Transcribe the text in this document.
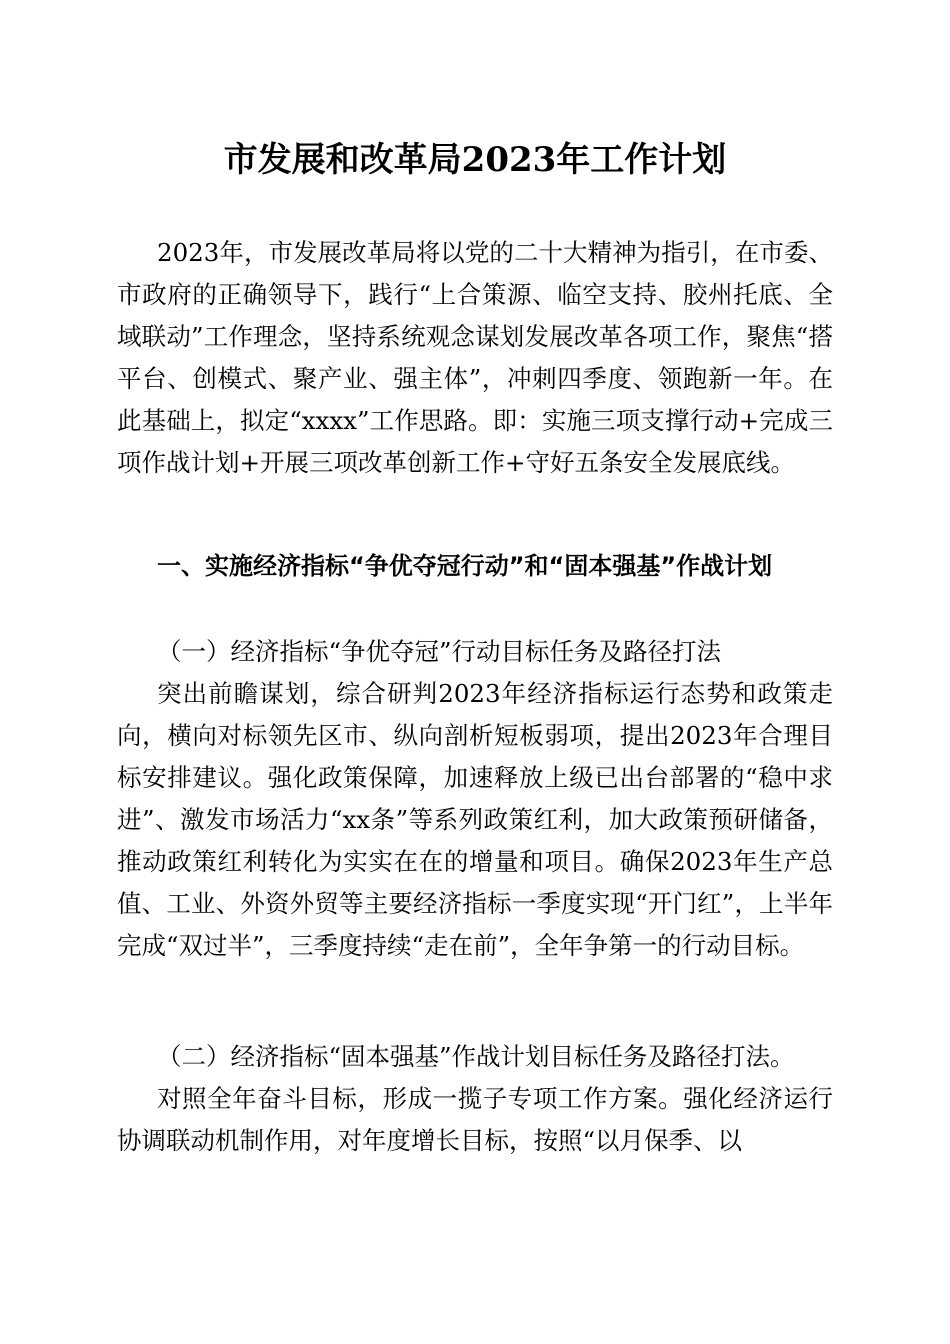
市发展和改革局2023年工作计划

2023年，市发展改革局将以党的二十大精神为指引，在市委、市政府的正确领导下，践行“上合策源、临空支持、胶州托底、全域联动”工作理念，坚持系统观念谋划发展改革各项工作，聚焦“搭平台、创模式、聚产业、强主体”，冲刺四季度、领跑新一年。在此基础上，拟定“xxxx”工作思路。即：实施三项支撑行动+完成三项作战计划+开展三项改革创新工作+守好五条安全发展底线。

一、实施经济指标“争优夺冠行动”和“固本强基”作战计划

（一）经济指标“争优夺冠”行动目标任务及路径打法

突出前瞻谋划，综合研判2023年经济指标运行态势和政策走向，横向对标领先区市、纵向剖析短板弱项，提出2023年合理目标安排建议。强化政策保障，加速释放上级已出台部署的“稳中求进”、激发市场活力“xx条”等系列政策红利，加大政策预研储备，推动政策红利转化为实实在在的增量和项目。确保2023年生产总值、工业、外资外贸等主要经济指标一季度实现“开门红”，上半年完成“双过半”，三季度持续“走在前”，全年争第一的行动目标。

（二）经济指标“固本强基”作战计划目标任务及路径打法。

对照全年奋斗目标，形成一揽子专项工作方案。强化经济运行协调联动机制作用，对年度增长目标，按照“以月保季、以
